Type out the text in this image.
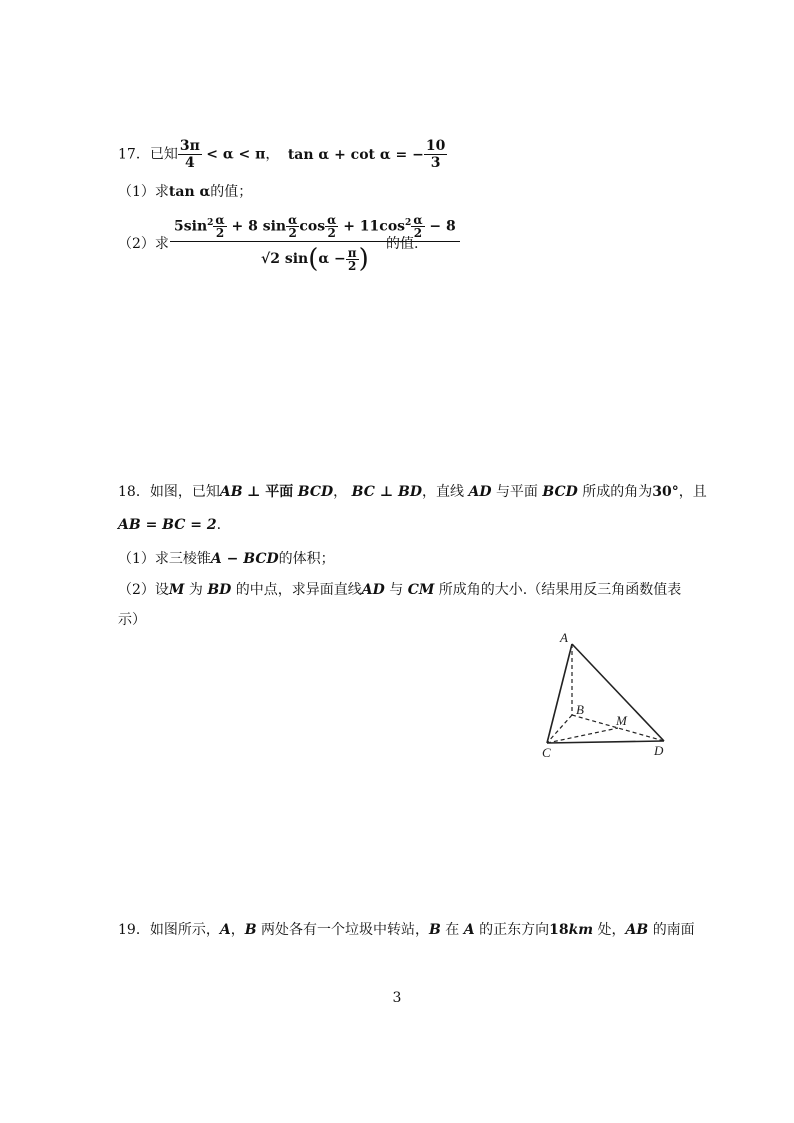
17．已知 $\frac{3\pi}{4} < \alpha < \pi$， tan α + cot α = − $\frac{10}{3}$
（1）求tan α的值；
（2）求 $\frac{5\sin^2 \frac{\alpha}{2} + 8 \sin \frac{\alpha}{2} \cos \frac{\alpha}{2} + 11\cos^2 \frac{\alpha}{2} - 8}{√2 \sin(\alpha - \frac{\pi}{2} )}$
的值.
18．如图，已知AB ⊥ 平面 BCD， BC ⊥ BD，直线 AD 与平面 BCD 所成的角为30°，且
AB = BC = 2.
（1）求三棱锥A − BCD的体积；
（2）设M 为 BD 的中点，求异面直线AD 与 CM 所成角的大小.（结果用反三角函数值表
示）
A
B
C	D
M
19．如图所示，A，B 两处各有一个垃圾中转站，B 在 A 的正东方向18km 处，AB 的南面
3
